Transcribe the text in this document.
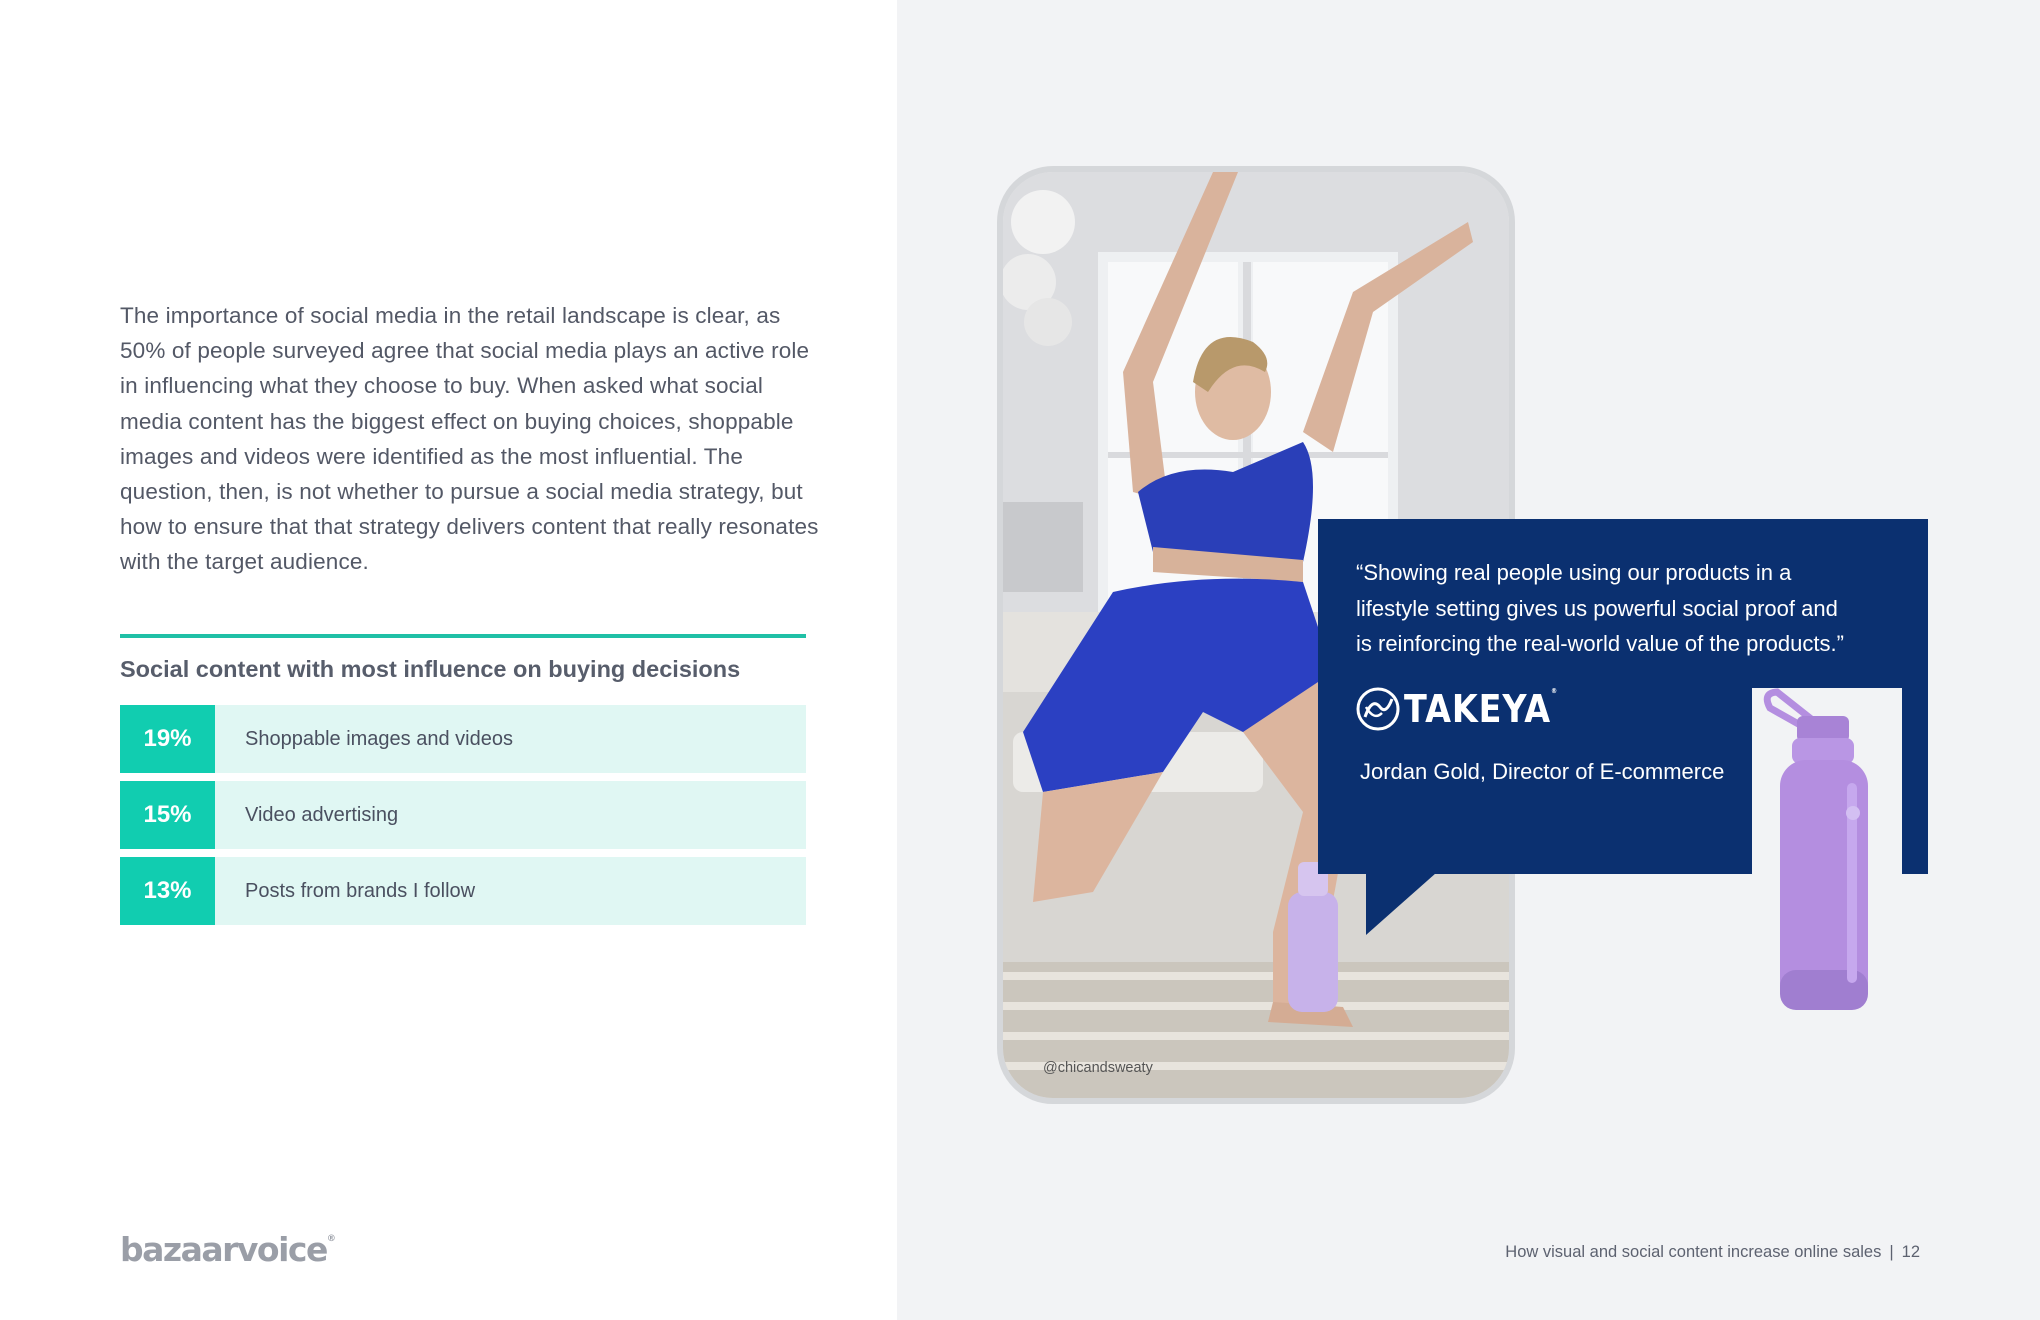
The importance of social media in the retail landscape is clear, as
50% of people surveyed agree that social media plays an active role
in influencing what they choose to buy. When asked what social
media content has the biggest effect on buying choices, shoppable
images and videos were identified as the most influential. The
question, then, is not whether to pursue a social media strategy, but
how to ensure that that strategy delivers content that really resonates
with the target audience.
Social content with most influence on buying decisions
19%	Shoppable images and videos
15%	Video advertising
13%	Posts from brands I follow
bazaarvoice®
How visual and social content increase online sales | 12
@chicandsweaty
“Showing real people using our products in a
lifestyle setting gives us powerful social proof and
is reinforcing the real-world value of the products.”
TAKEYA®
Jordan Gold, Director of E-commerce
